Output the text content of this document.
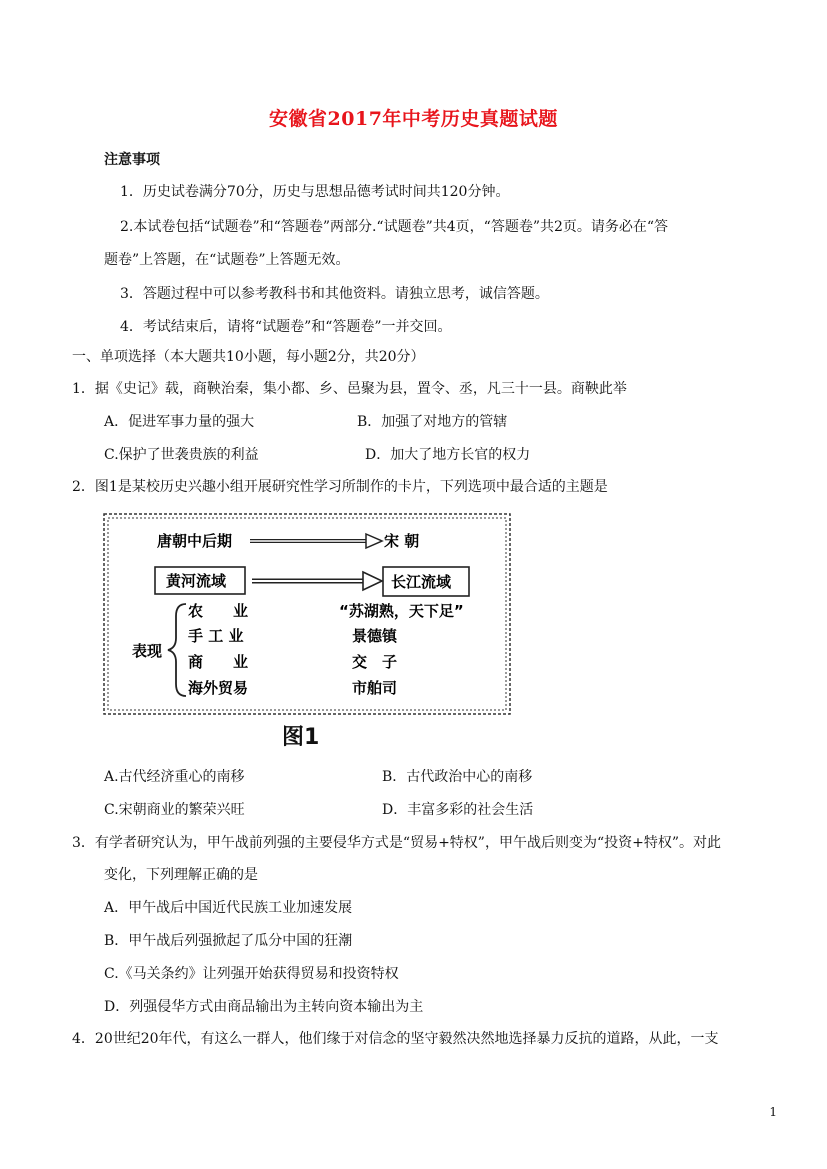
安徽省2017年中考历史真题试题
注意事项
1．历史试卷满分70分，历史与思想品德考试时间共120分钟。
2.本试卷包括“试题卷”和“答题卷”两部分.“试题卷”共4页，“答题卷”共2页。请务必在“答
题卷”上答题，在“试题卷”上答题无效。
3．答题过程中可以参考教科书和其他资料。请独立思考，诚信答题。
4．考试结束后，请将“试题卷”和“答题卷”一并交回。
一、单项选择（本大题共10小题，每小题2分，共20分）
1．据《史记》载，商鞅治秦，集小都、乡、邑聚为县，置令、丞，凡三十一县。商鞅此举
A．促进军事力量的强大	B．加强了对地方的管辖
C.保护了世袭贵族的利益	D．加大了地方长官的权力
2．图1是某校历史兴趣小组开展研究性学习所制作的卡片，下列选项中最合适的主题是
唐朝中后期	宋 朝
黄河流域	长江流域
表现
农　　业	“苏湖熟，天下足”
手 工 业	景德镇
商　　业	交　子
海外贸易	市舶司
图1
A.古代经济重心的南移	B．古代政治中心的南移
C.宋朝商业的繁荣兴旺	D．丰富多彩的社会生活
3．有学者研究认为，甲午战前列强的主要侵华方式是“贸易+特权”，甲午战后则变为“投资+特权”。对此
变化，下列理解正确的是
A．甲午战后中国近代民族工业加速发展
B．甲午战后列强掀起了瓜分中国的狂潮
C.《马关条约》让列强开始获得贸易和投资特权
D．列强侵华方式由商品输出为主转向资本输出为主
4．20世纪20年代，有这么一群人，他们缘于对信念的坚守毅然决然地选择暴力反抗的道路，从此，一支
1
